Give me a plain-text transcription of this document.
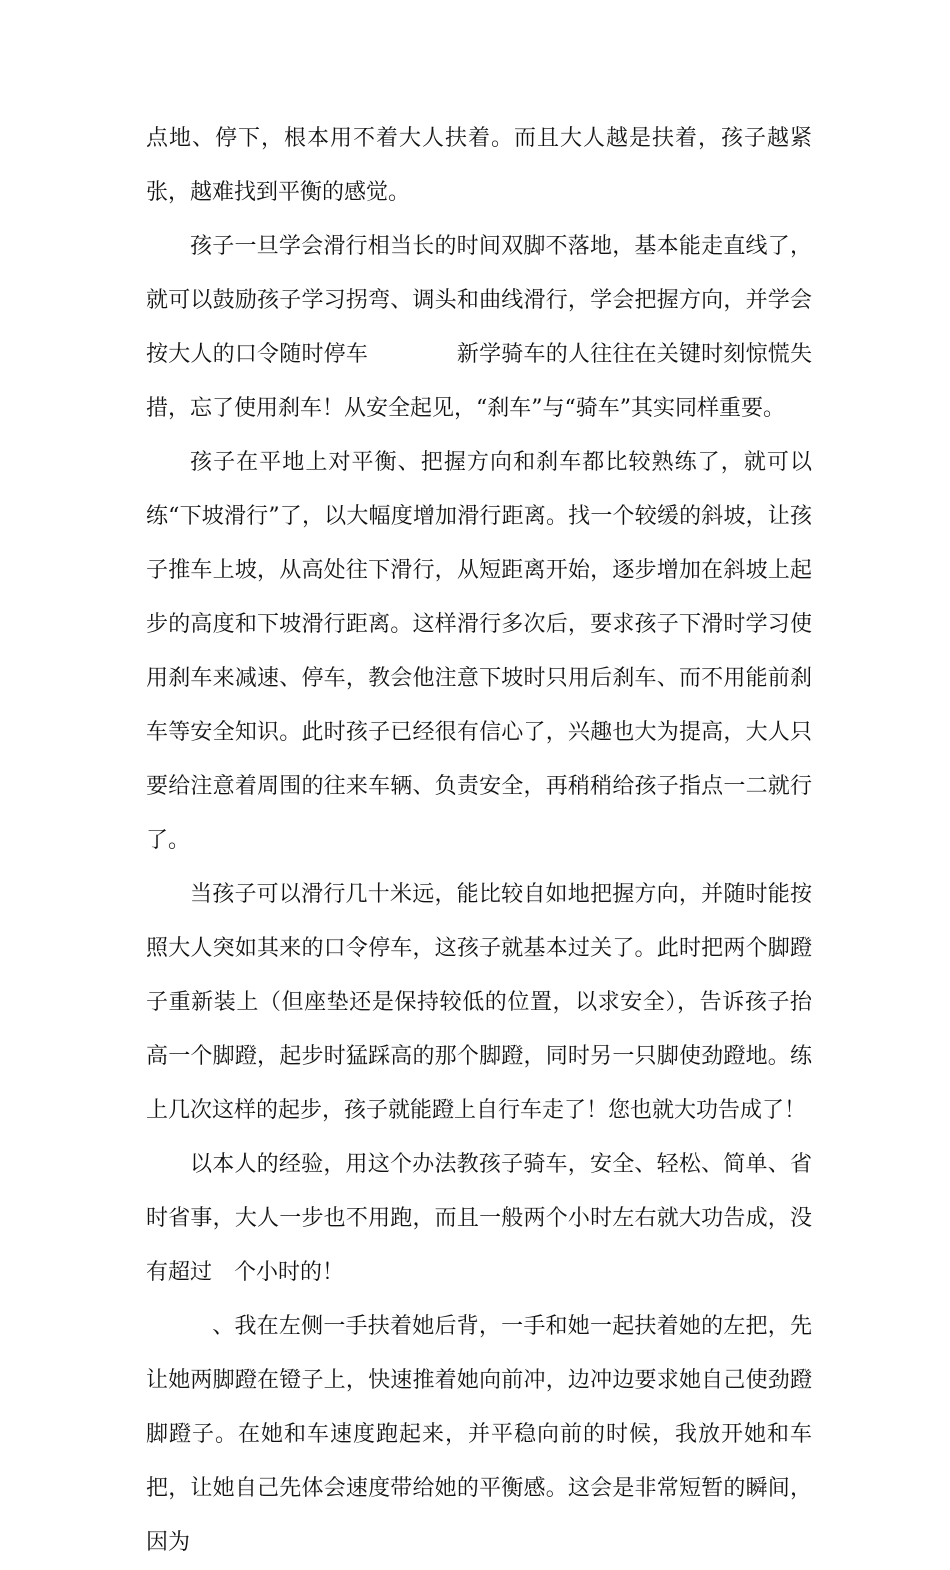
点地、停下，根本用不着大人扶着。而且大人越是扶着，孩子越紧张，越难找到平衡的感觉。

孩子一旦学会滑行相当长的时间双脚不落地，基本能走直线了，就可以鼓励孩子学习拐弯、调头和曲线滑行，学会把握方向，并学会按大人的口令随时停车　　　　新学骑车的人往往在关键时刻惊慌失措，忘了使用刹车！从安全起见，“刹车”与“骑车”其实同样重要。

孩子在平地上对平衡、把握方向和刹车都比较熟练了，就可以练“下坡滑行”了，以大幅度增加滑行距离。找一个较缓的斜坡，让孩子推车上坡，从高处往下滑行，从短距离开始，逐步增加在斜坡上起步的高度和下坡滑行距离。这样滑行多次后，要求孩子下滑时学习使用刹车来减速、停车，教会他注意下坡时只用后刹车、而不用能前刹车等安全知识。此时孩子已经很有信心了，兴趣也大为提高，大人只要给注意着周围的往来车辆、负责安全，再稍稍给孩子指点一二就行了。

当孩子可以滑行几十米远，能比较自如地把握方向，并随时能按照大人突如其来的口令停车，这孩子就基本过关了。此时把两个脚蹬子重新装上（但座垫还是保持较低的位置，以求安全），告诉孩子抬高一个脚蹬，起步时猛踩高的那个脚蹬，同时另一只脚使劲蹬地。练上几次这样的起步，孩子就能蹬上自行车走了！您也就大功告成了！

以本人的经验，用这个办法教孩子骑车，安全、轻松、简单、省时省事，大人一步也不用跑，而且一般两个小时左右就大功告成，没有超过　个小时的！

　、我在左侧一手扶着她后背，一手和她一起扶着她的左把，先让她两脚蹬在镫子上，快速推着她向前冲，边冲边要求她自己使劲蹬脚蹬子。在她和车速度跑起来，并平稳向前的时候，我放开她和车把，让她自己先体会速度带给她的平衡感。这会是非常短暂的瞬间，因为
